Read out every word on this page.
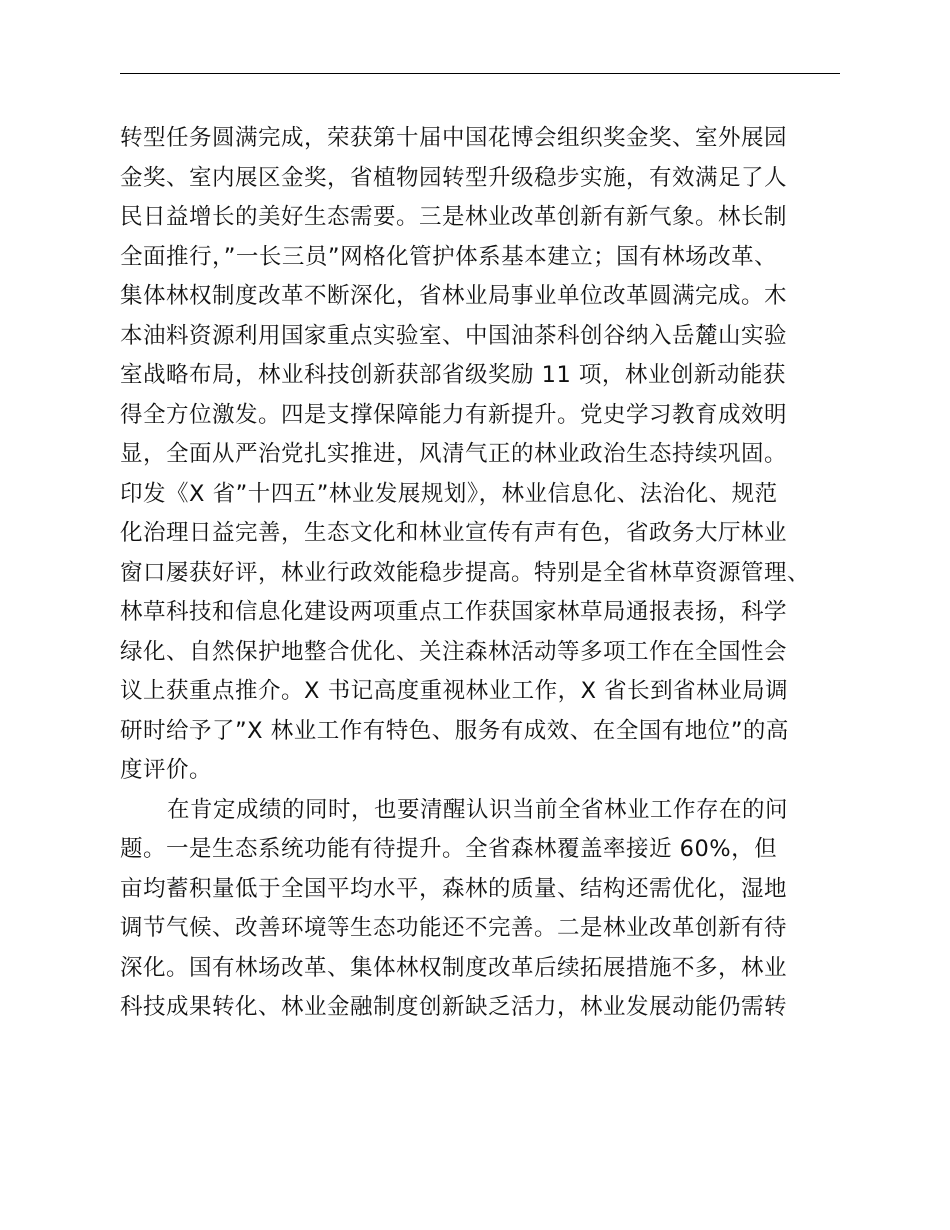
转型任务圆满完成，荣获第十届中国花博会组织奖金奖、室外展园
金奖、室内展区金奖，省植物园转型升级稳步实施，有效满足了人
民日益增长的美好生态需要。三是林业改革创新有新气象。林长制
全面推行，”一长三员”网格化管护体系基本建立；国有林场改革、
集体林权制度改革不断深化，省林业局事业单位改革圆满完成。木
本油料资源利用国家重点实验室、中国油茶科创谷纳入岳麓山实验
室战略布局，林业科技创新获部省级奖励 11 项，林业创新动能获
得全方位激发。四是支撑保障能力有新提升。党史学习教育成效明
显，全面从严治党扎实推进，风清气正的林业政治生态持续巩固。
印发《X 省”十四五”林业发展规划》，林业信息化、法治化、规范
化治理日益完善，生态文化和林业宣传有声有色，省政务大厅林业
窗口屡获好评，林业行政效能稳步提高。特别是全省林草资源管理、
林草科技和信息化建设两项重点工作获国家林草局通报表扬，科学
绿化、自然保护地整合优化、关注森林活动等多项工作在全国性会
议上获重点推介。X 书记高度重视林业工作，X 省长到省林业局调
研时给予了”X 林业工作有特色、服务有成效、在全国有地位”的高
度评价。
在肯定成绩的同时，也要清醒认识当前全省林业工作存在的问
题。一是生态系统功能有待提升。全省森林覆盖率接近 60%，但
亩均蓄积量低于全国平均水平，森林的质量、结构还需优化，湿地
调节气候、改善环境等生态功能还不完善。二是林业改革创新有待
深化。国有林场改革、集体林权制度改革后续拓展措施不多，林业
科技成果转化、林业金融制度创新缺乏活力，林业发展动能仍需转
